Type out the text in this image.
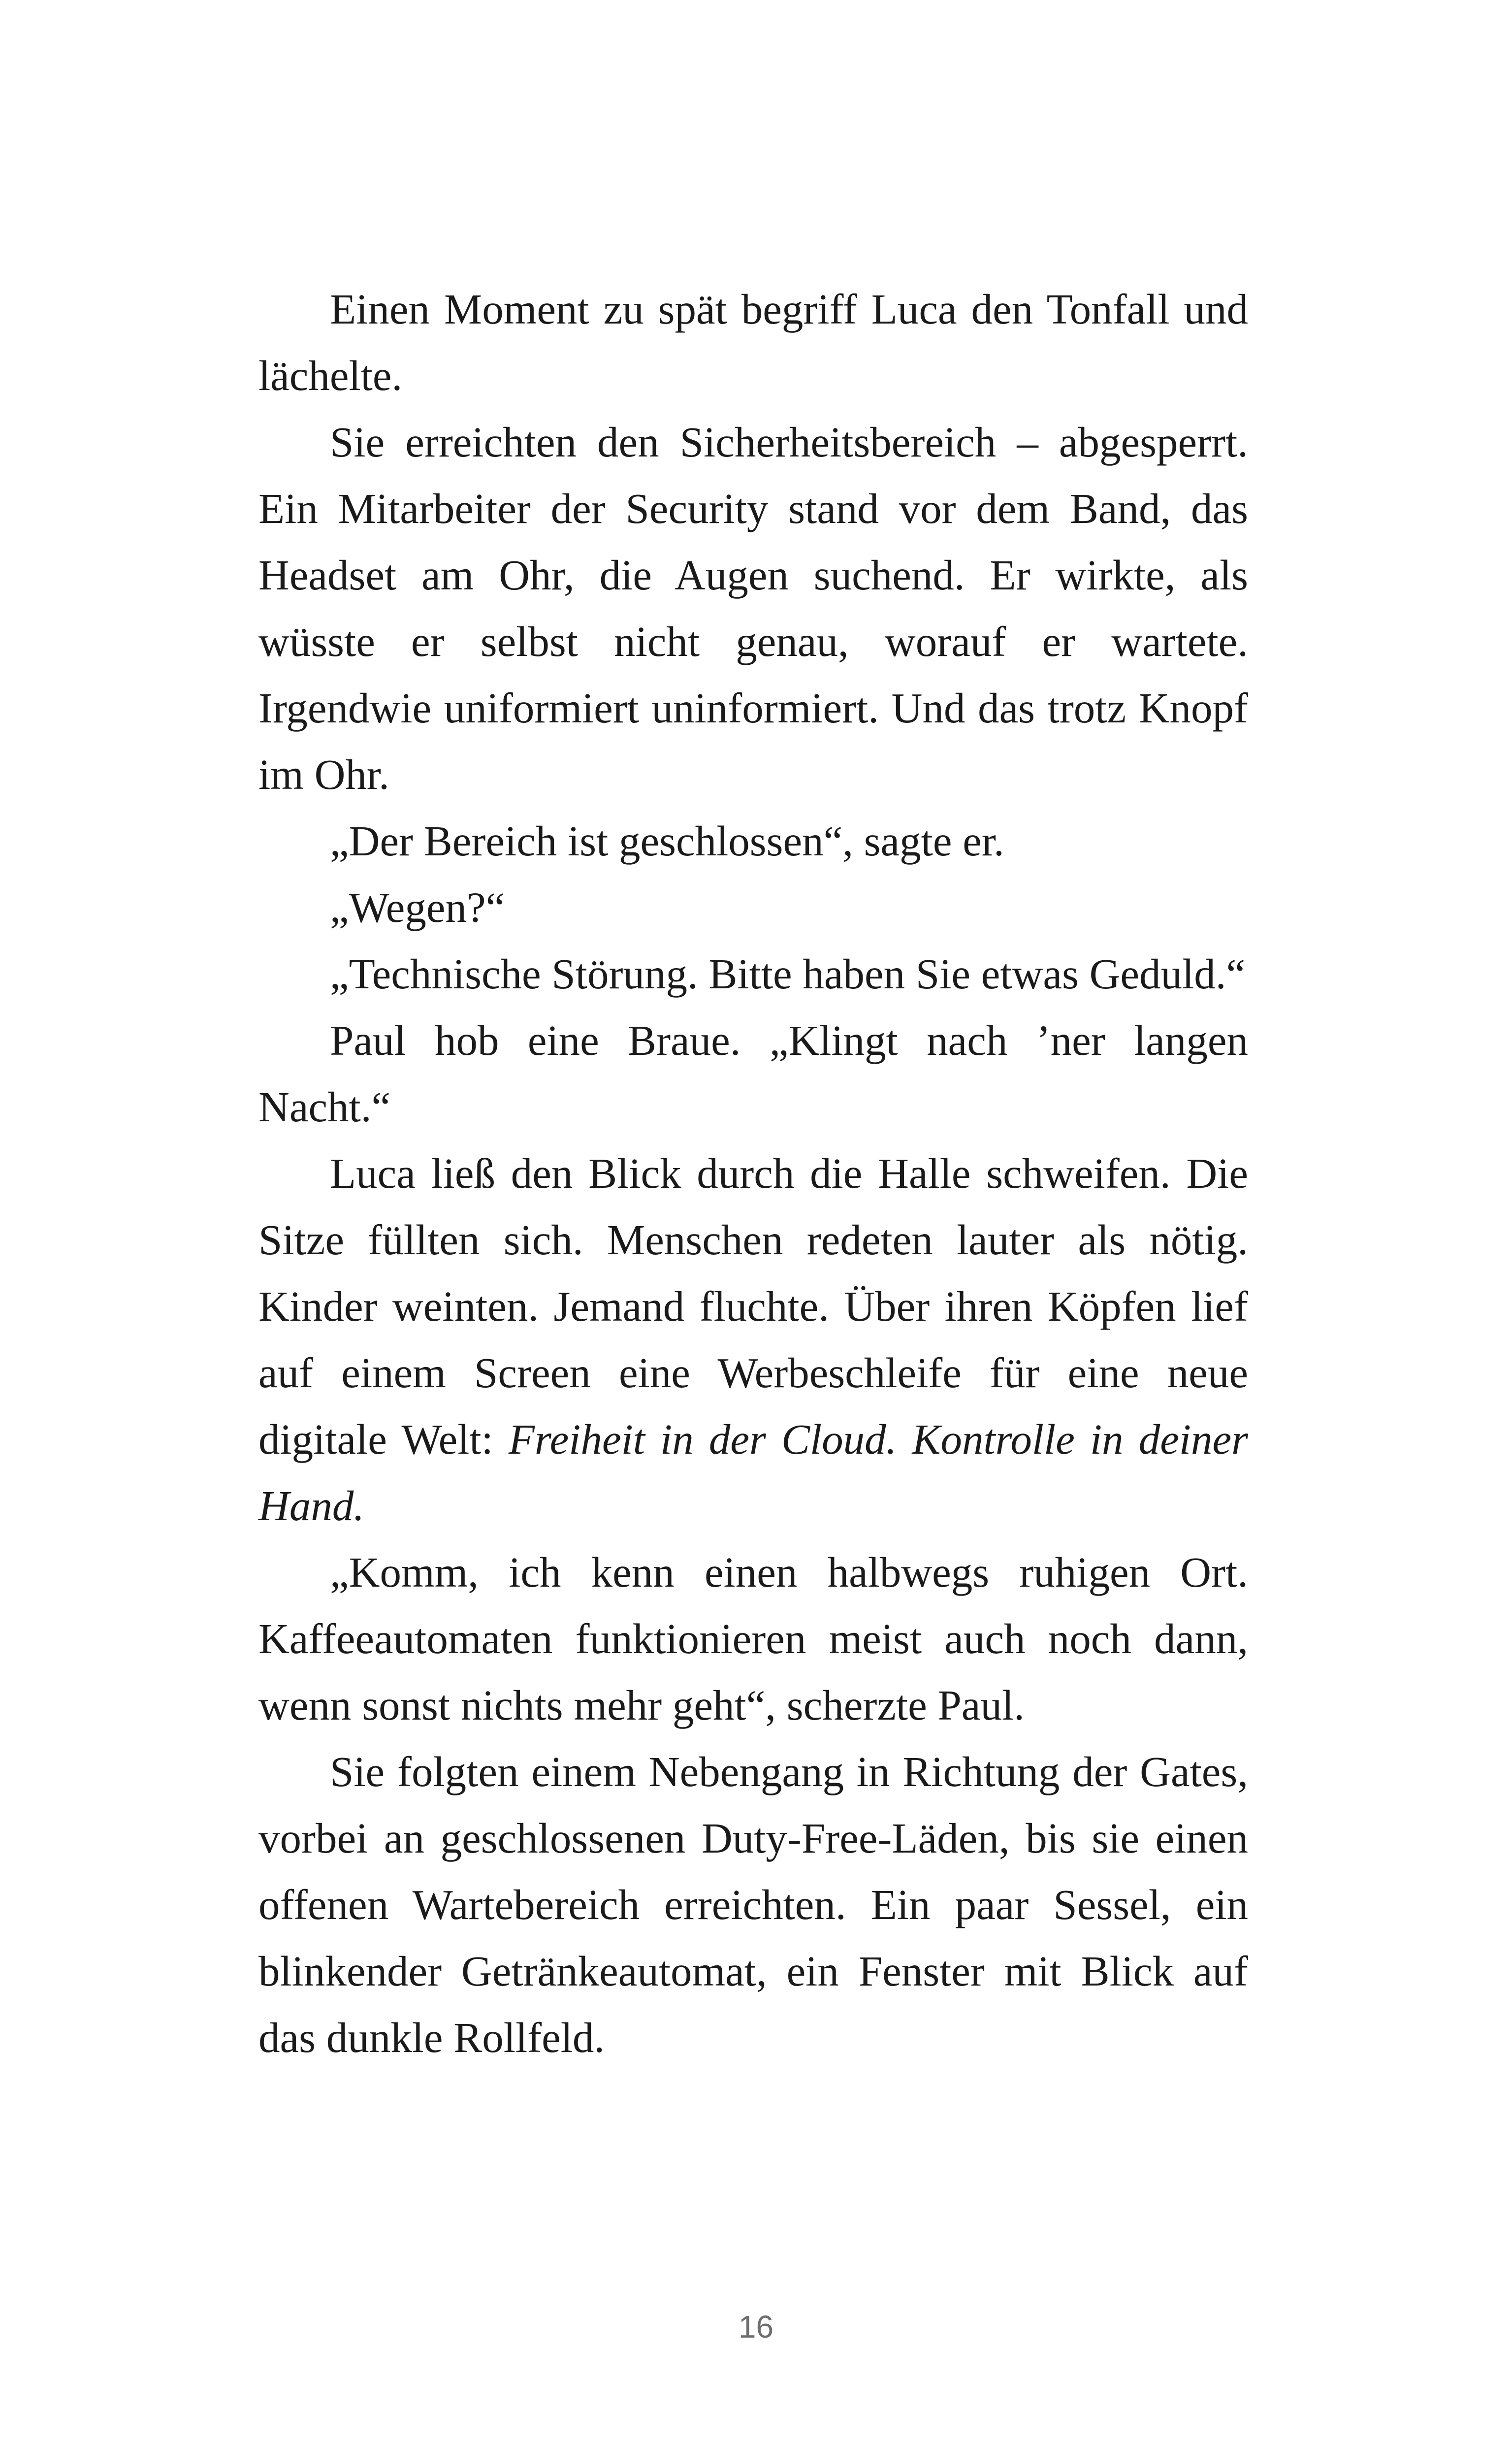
Einen Moment zu spät begriff Luca den Tonfall und lächelte.

Sie erreichten den Sicherheitsbereich – abgesperrt. Ein Mitarbeiter der Security stand vor dem Band, das Headset am Ohr, die Augen suchend. Er wirkte, als wüsste er selbst nicht genau, worauf er wartete. Irgendwie uniformiert uninformiert. Und das trotz Knopf im Ohr.

„Der Bereich ist geschlossen“, sagte er.

„Wegen?“

„Technische Störung. Bitte haben Sie etwas Geduld.“

Paul hob eine Braue. „Klingt nach ’ner langen Nacht.“

Luca ließ den Blick durch die Halle schweifen. Die Sitze füllten sich. Menschen redeten lauter als nötig. Kinder weinten. Jemand fluchte. Über ihren Köpfen lief auf einem Screen eine Werbeschleife für eine neue digitale Welt: Freiheit in der Cloud. Kontrolle in deiner Hand.

„Komm, ich kenn einen halbwegs ruhigen Ort. Kaffeeautomaten funktionieren meist auch noch dann, wenn sonst nichts mehr geht“, scherzte Paul.

Sie folgten einem Nebengang in Richtung der Gates, vorbei an geschlossenen Duty-Free-Läden, bis sie einen offenen Wartebereich erreichten. Ein paar Sessel, ein blinkender Getränkeautomat, ein Fenster mit Blick auf das dunkle Rollfeld.

16
